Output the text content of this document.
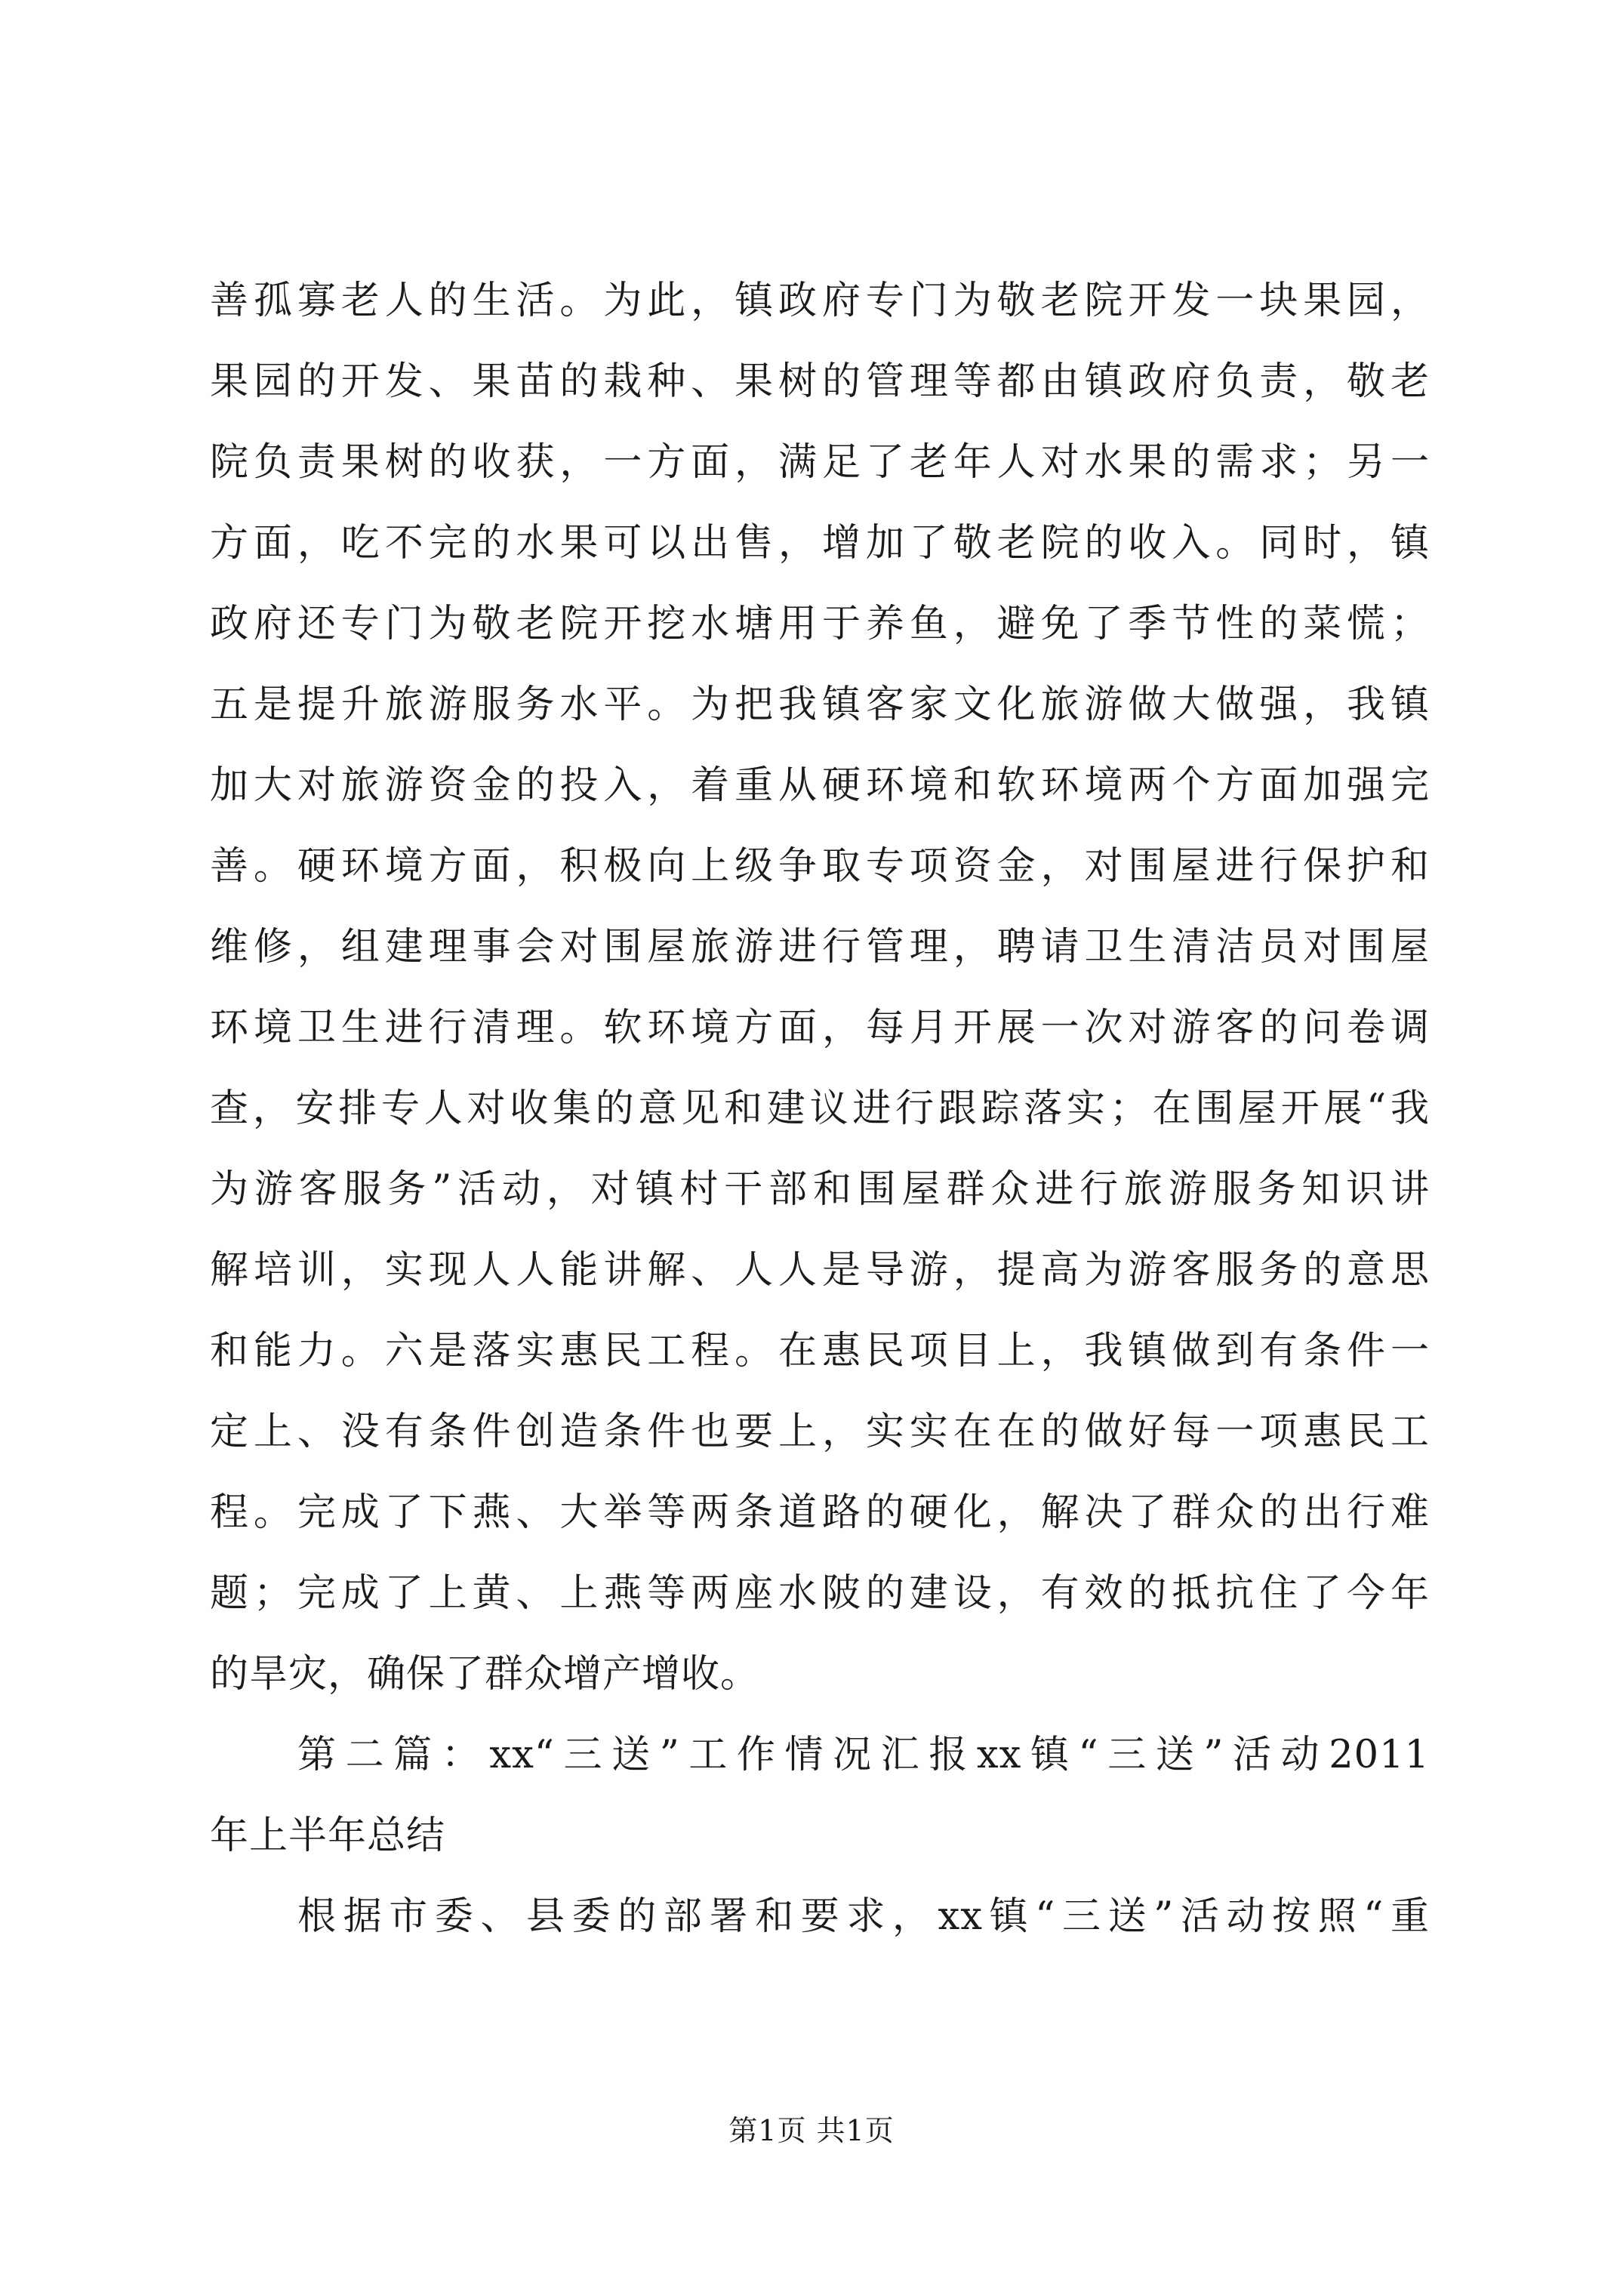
善孤寡老人的生活。为此，镇政府专门为敬老院开发一块果园，
果园的开发、果苗的栽种、果树的管理等都由镇政府负责，敬老
院负责果树的收获，一方面，满足了老年人对水果的需求；另一
方面，吃不完的水果可以出售，增加了敬老院的收入。同时，镇
政府还专门为敬老院开挖水塘用于养鱼，避免了季节性的菜慌；
五是提升旅游服务水平。为把我镇客家文化旅游做大做强，我镇
加大对旅游资金的投入，着重从硬环境和软环境两个方面加强完
善。硬环境方面，积极向上级争取专项资金，对围屋进行保护和
维修，组建理事会对围屋旅游进行管理，聘请卫生清洁员对围屋
环境卫生进行清理。软环境方面，每月开展一次对游客的问卷调
查，安排专人对收集的意见和建议进行跟踪落实；在围屋开展“我
为游客服务”活动，对镇村干部和围屋群众进行旅游服务知识讲
解培训，实现人人能讲解、人人是导游，提高为游客服务的意思
和能力。六是落实惠民工程。在惠民项目上，我镇做到有条件一
定上、没有条件创造条件也要上，实实在在的做好每一项惠民工
程。完成了下燕、大举等两条道路的硬化，解决了群众的出行难
题；完成了上黄、上燕等两座水陂的建设，有效的抵抗住了今年
的旱灾，确保了群众增产增收。
第二篇：xx“三送”工作情况汇报xx镇“三送”活动2011
年上半年总结
根据市委、县委的部署和要求，xx镇“三送”活动按照“重
第1页 共1页
